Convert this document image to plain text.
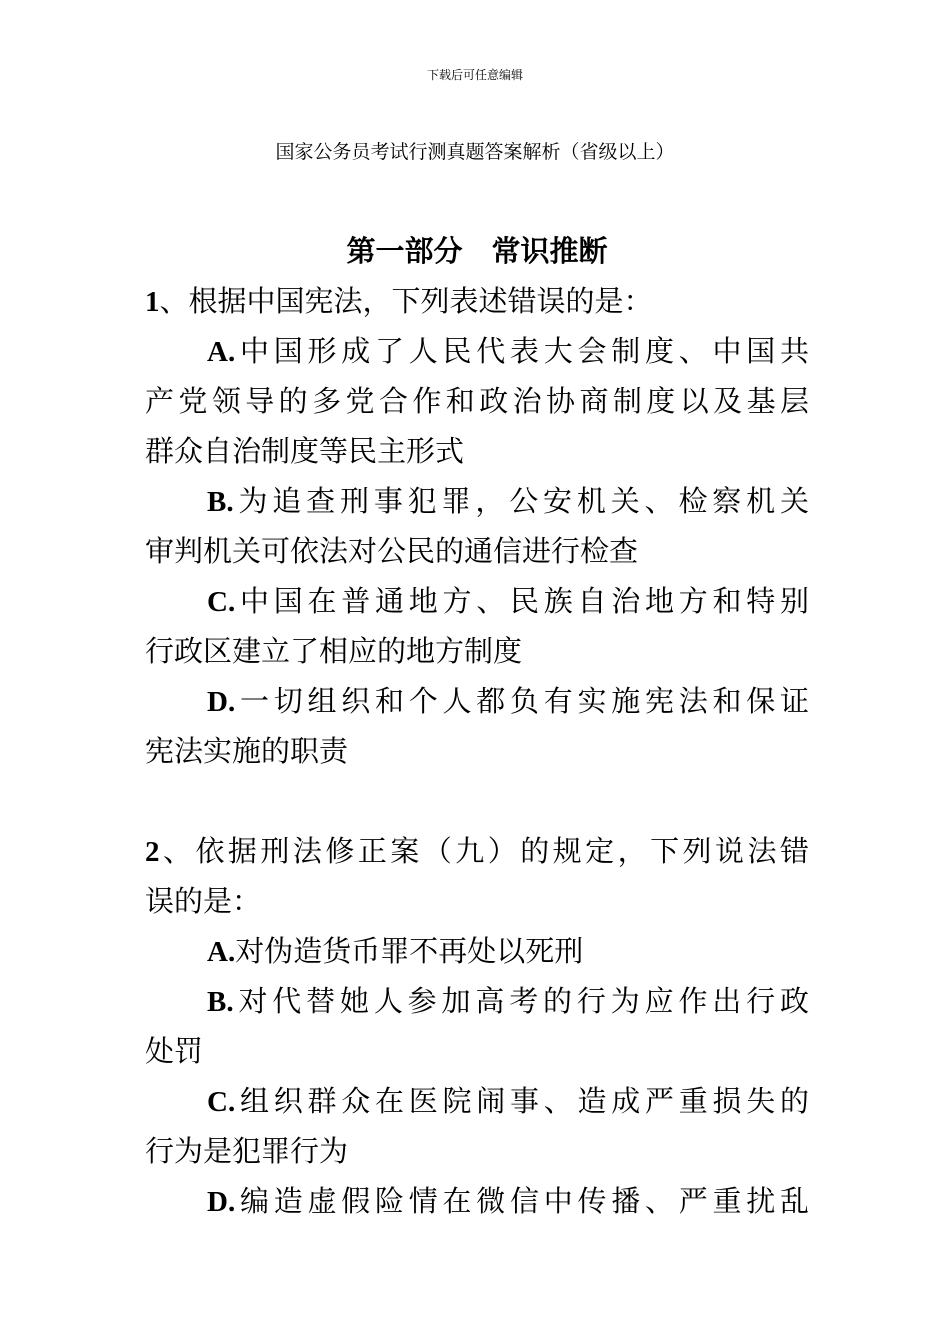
下载后可任意编辑
国家公务员考试行测真题答案解析（省级以上）
第一部分　常识推断

1、根据中国宪法，下列表述错误的是：

A.中国形成了人民代表大会制度、中国共

产党领导的多党合作和政治协商制度以及基层

群众自治制度等民主形式

B.为追查刑事犯罪，公安机关、检察机关

审判机关可依法对公民的通信进行检查

C.中国在普通地方、民族自治地方和特别

行政区建立了相应的地方制度

D.一切组织和个人都负有实施宪法和保证

宪法实施的职责

2、依据刑法修正案（九）的规定，下列说法错

误的是：

A.对伪造货币罪不再处以死刑

B.对代替她人参加高考的行为应作出行政

处罚

C.组织群众在医院闹事、造成严重损失的

行为是犯罪行为

D.编造虚假险情在微信中传播、严重扰乱
